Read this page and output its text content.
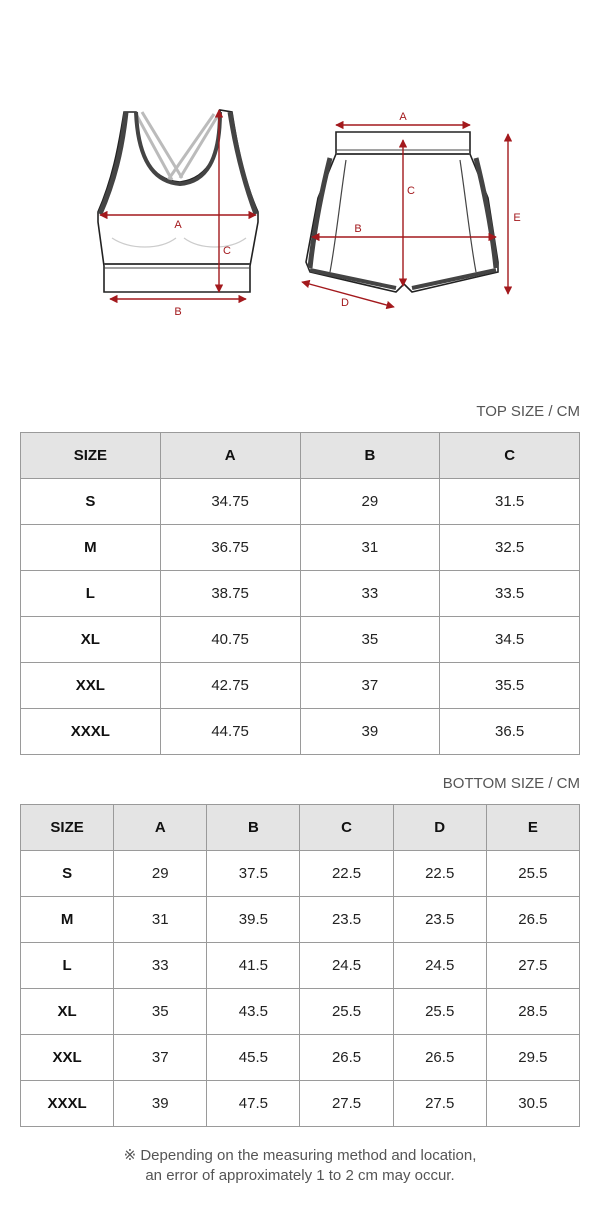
A
B
C
A
B
C
D
E
TOP SIZE / CM
SIZE	A	B	C
S	34.75	29	31.5
M	36.75	31	32.5
L	38.75	33	33.5
XL	40.75	35	34.5
XXL	42.75	37	35.5
XXXL	44.75	39	36.5
BOTTOM SIZE / CM
SIZE	A	B	C	D	E
S	29	37.5	22.5	22.5	25.5
M	31	39.5	23.5	23.5	26.5
L	33	41.5	24.5	24.5	27.5
XL	35	43.5	25.5	25.5	28.5
XXL	37	45.5	26.5	26.5	29.5
XXXL	39	47.5	27.5	27.5	30.5
※ Depending on the measuring method and location,
an error of approximately 1 to 2 cm may occur.
